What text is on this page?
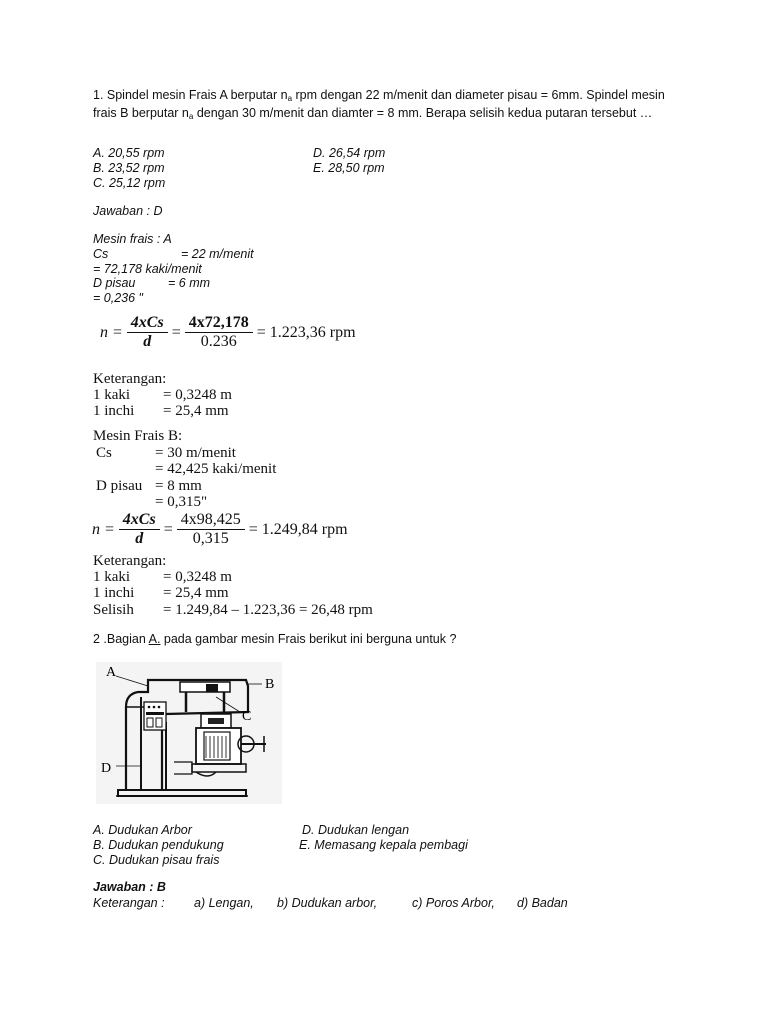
1. Spindel mesin Frais A berputar $n_a$ rpm dengan 22 m/menit dan diameter pisau = 6mm. Spindel mesin frais B berputar $n_a$ dengan 30 m/menit dan diamter = 8 mm. Berapa selisih kedua putaran tersebut …
A. 20,55 rpm
B. 23,52 rpm
C. 25,12 rpm
D. 26,54 rpm
E. 28,50 rpm
Jawaban : D
Mesin frais : A
Cs	= 22 m/menit
= 72,178 kaki/menit
D pisau	= 6 mm
= 0,236 "
$n = \frac{\text{4xCs}}{d} = \frac{4x72,178}{0.236} = 1.223,36$ rpm
Keterangan:
1 kaki = 0,3248 m
1 inchi = 25,4 mm
Mesin Frais B:
Cs	= 30 m/menit
= 42,425 kaki/menit
D pisau = 8 mm
= 0,315"
$n = \frac{\text{4xCs}}{d} = \frac{4x98,425}{0,315} = 1.249,84$ rpm
Keterangan:
1 kaki = 0,3248 m
1 inchi = 25,4 mm
Selisih = 1.249,84 – 1.223,36 = 26,48 rpm
2 .Bagian A. pada gambar mesin Frais berikut ini berguna untuk ?
A
B
C
D
A. Dudukan Arbor
B. Dudukan pendukung
C. Dudukan pisau frais
D. Dudukan lengan
E. Memasang kepala pembagi
Jawaban : B
Keterangan : a) Lengan, b) Dudukan arbor,	c) Poros Arbor, d) Badan
